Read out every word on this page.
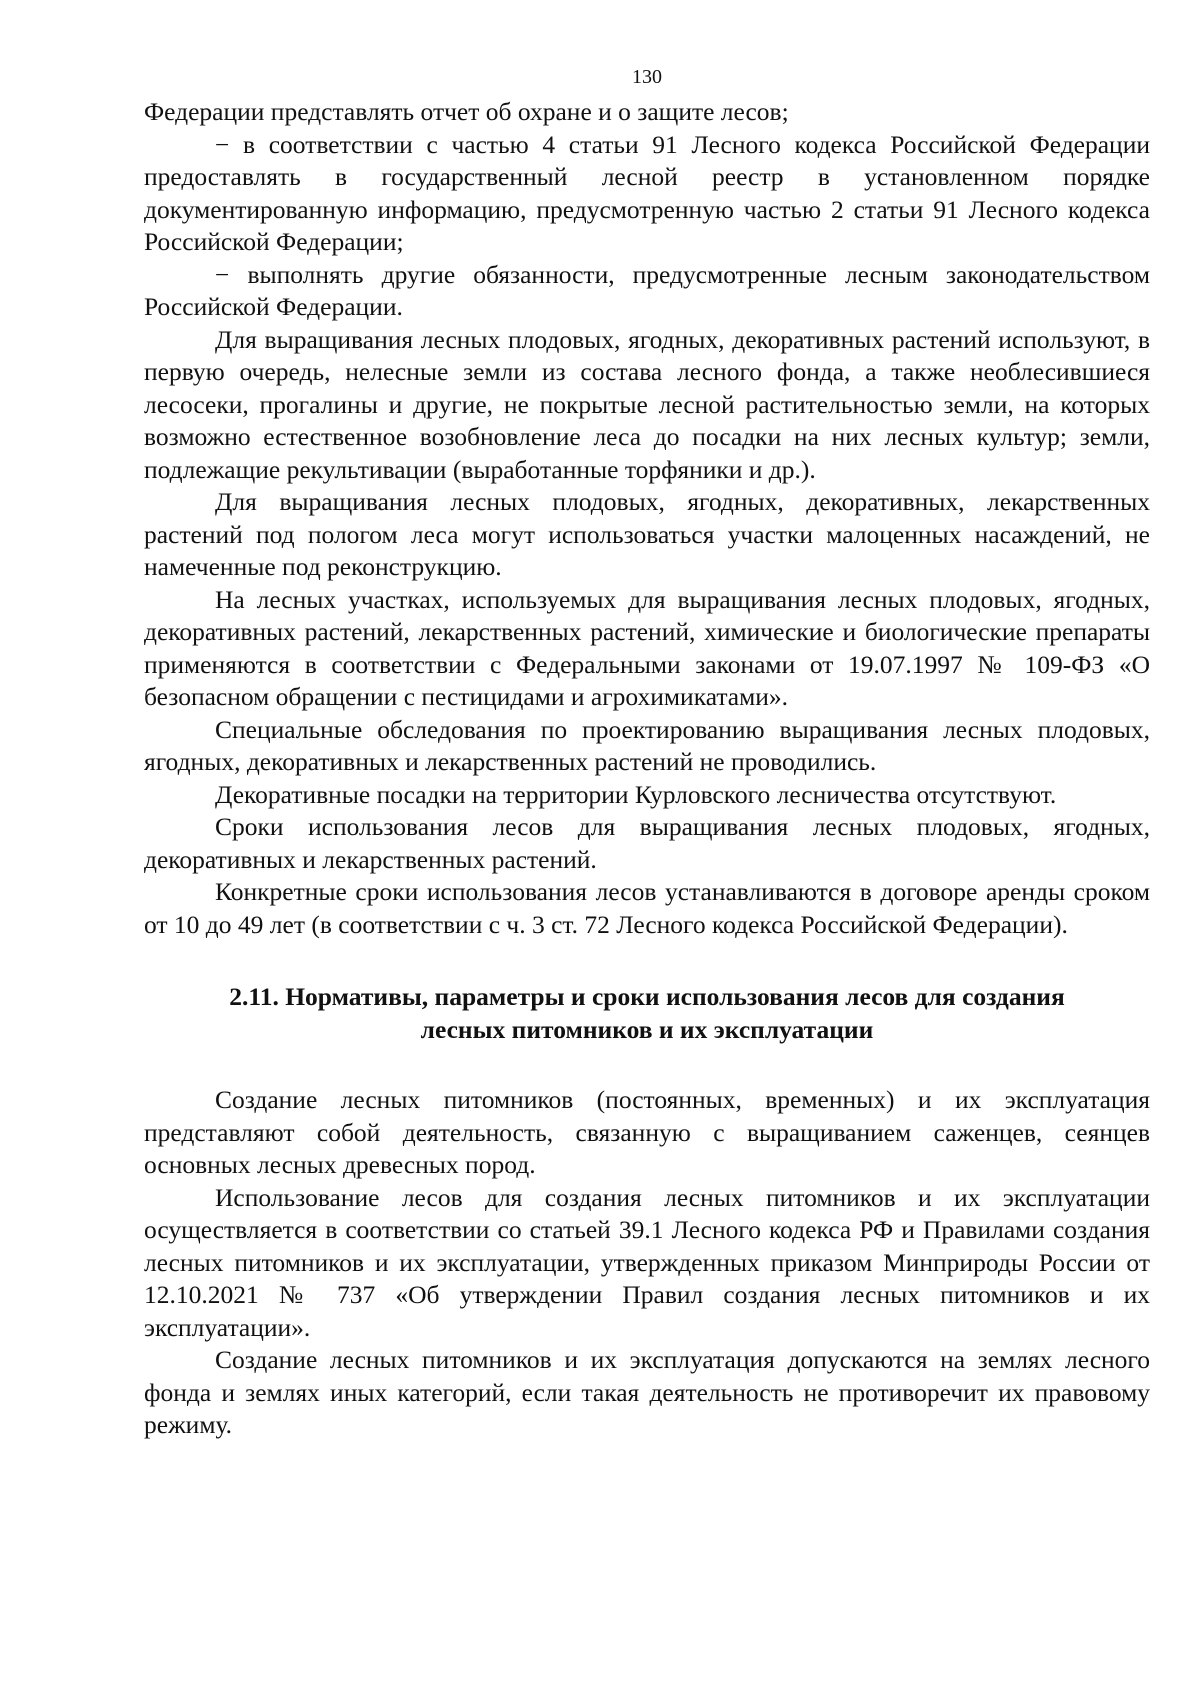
130

Федерации представлять отчет об охране и о защите лесов;

− в соответствии с частью 4 статьи 91 Лесного кодекса Российской Федерации предоставлять в государственный лесной реестр в установленном порядке документированную информацию, предусмотренную частью 2 статьи 91 Лесного кодекса Российской Федерации;

− выполнять другие обязанности, предусмотренные лесным законодательством Российской Федерации.

Для выращивания лесных плодовых, ягодных, декоративных растений используют, в первую очередь, нелесные земли из состава лесного фонда, а также необлесившиеся лесосеки, прогалины и другие, не покрытые лесной растительностью земли, на которых возможно естественное возобновление леса до посадки на них лесных культур; земли, подлежащие рекультивации (выработанные торфяники и др.).

Для выращивания лесных плодовых, ягодных, декоративных, лекарственных растений под пологом леса могут использоваться участки малоценных насаждений, не намеченные под реконструкцию.

На лесных участках, используемых для выращивания лесных плодовых, ягодных, декоративных растений, лекарственных растений, химические и биологические препараты применяются в соответствии с Федеральными законами от 19.07.1997 № 109-ФЗ «О безопасном обращении с пестицидами и агрохимикатами».

Специальные обследования по проектированию выращивания лесных плодовых, ягодных, декоративных и лекарственных растений не проводились.

Декоративные посадки на территории Курловского лесничества отсутствуют.

Сроки использования лесов для выращивания лесных плодовых, ягодных, декоративных и лекарственных растений.

Конкретные сроки использования лесов устанавливаются в договоре аренды сроком от 10 до 49 лет (в соответствии с ч. 3 ст. 72 Лесного кодекса Российской Федерации).

2.11. Нормативы, параметры и сроки использования лесов для создания
лесных питомников и их эксплуатации

Создание лесных питомников (постоянных, временных) и их эксплуатация представляют собой деятельность, связанную с выращиванием саженцев, сеянцев основных лесных древесных пород.

Использование лесов для создания лесных питомников и их эксплуатации осуществляется в соответствии со статьей 39.1 Лесного кодекса РФ и Правилами создания лесных питомников и их эксплуатации, утвержденных приказом Минприроды России от 12.10.2021 № 737 «Об утверждении Правил создания лесных питомников и их эксплуатации».

Создание лесных питомников и их эксплуатация допускаются на землях лесного фонда и землях иных категорий, если такая деятельность не противоречит их правовому режиму.
